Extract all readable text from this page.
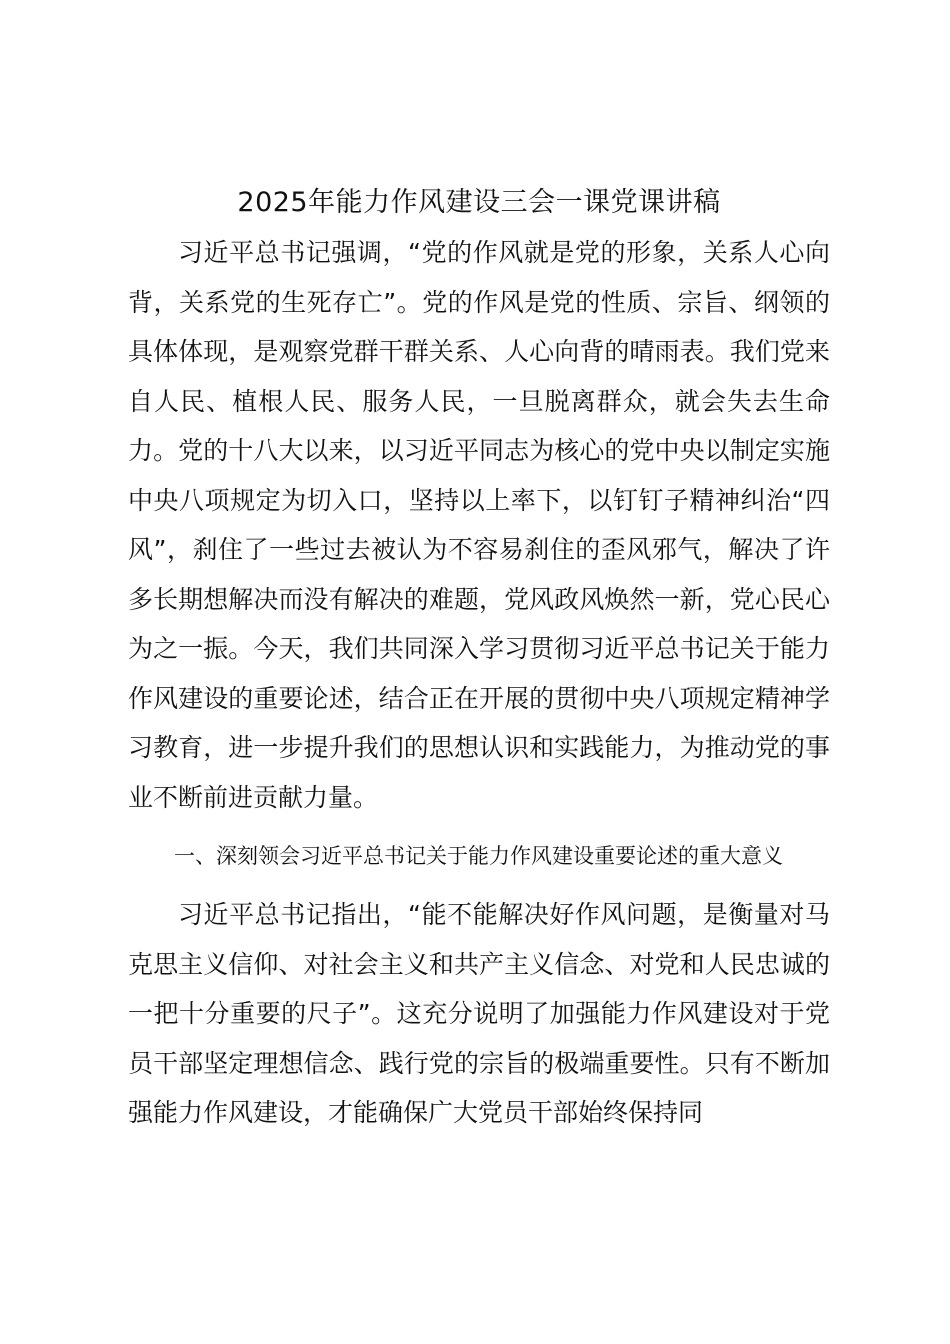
2025年能力作风建设三会一课党课讲稿

习近平总书记强调，“党的作风就是党的形象，关系人心向背，关系党的生死存亡”。党的作风是党的性质、宗旨、纲领的具体体现，是观察党群干群关系、人心向背的晴雨表。我们党来自人民、植根人民、服务人民，一旦脱离群众，就会失去生命力。党的十八大以来，以习近平同志为核心的党中央以制定实施中央八项规定为切入口，坚持以上率下，以钉钉子精神纠治“四风”，刹住了一些过去被认为不容易刹住的歪风邪气，解决了许多长期想解决而没有解决的难题，党风政风焕然一新，党心民心为之一振。今天，我们共同深入学习贯彻习近平总书记关于能力作风建设的重要论述，结合正在开展的贯彻中央八项规定精神学习教育，进一步提升我们的思想认识和实践能力，为推动党的事业不断前进贡献力量。

一、深刻领会习近平总书记关于能力作风建设重要论述的重大意义

习近平总书记指出，“能不能解决好作风问题，是衡量对马克思主义信仰、对社会主义和共产主义信念、对党和人民忠诚的一把十分重要的尺子”。这充分说明了加强能力作风建设对于党员干部坚定理想信念、践行党的宗旨的极端重要性。只有不断加强能力作风建设，才能确保广大党员干部始终保持同
